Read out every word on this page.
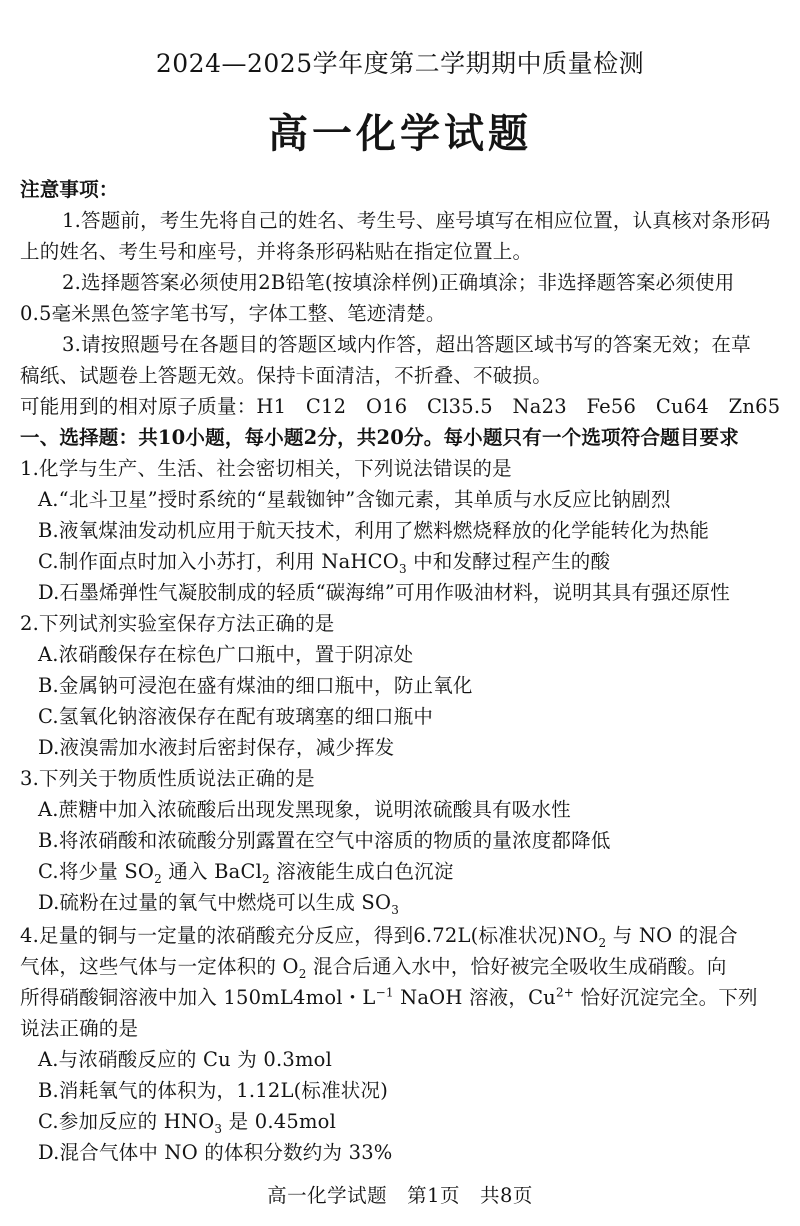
2024—2025学年度第二学期期中质量检测
高一化学试题
注意事项：
1.答题前，考生先将自己的姓名、考生号、座号填写在相应位置，认真核对条形码
上的姓名、考生号和座号，并将条形码粘贴在指定位置上。
2.选择题答案必须使用2B铅笔(按填涂样例)正确填涂；非选择题答案必须使用
0.5毫米黑色签字笔书写，字体工整、笔迹清楚。
3.请按照题号在各题目的答题区域内作答，超出答题区域书写的答案无效；在草
稿纸、试题卷上答题无效。保持卡面清洁，不折叠、不破损。
可能用到的相对原子质量：H1　C12　O16　Cl35.5　Na23　Fe56　Cu64　Zn65
一、选择题：共10小题，每小题2分，共20分。每小题只有一个选项符合题目要求
1.化学与生产、生活、社会密切相关，下列说法错误的是
A.“北斗卫星”授时系统的“星载铷钟”含铷元素，其单质与水反应比钠剧烈
B.液氧煤油发动机应用于航天技术，利用了燃料燃烧释放的化学能转化为热能
C.制作面点时加入小苏打，利用 NaHCO$_3$ 中和发酵过程产生的酸
D.石墨烯弹性气凝胶制成的轻质“碳海绵”可用作吸油材料，说明其具有强还原性
2.下列试剂实验室保存方法正确的是
A.浓硝酸保存在棕色广口瓶中，置于阴凉处
B.金属钠可浸泡在盛有煤油的细口瓶中，防止氧化
C.氢氧化钠溶液保存在配有玻璃塞的细口瓶中
D.液溴需加水液封后密封保存，减少挥发
3.下列关于物质性质说法正确的是
A.蔗糖中加入浓硫酸后出现发黑现象，说明浓硫酸具有吸水性
B.将浓硝酸和浓硫酸分别露置在空气中溶质的物质的量浓度都降低
C.将少量 $SO_2$ 通入 BaCl$_2$ 溶液能生成白色沉淀
D.硫粉在过量的氧气中燃烧可以生成 $SO_3$
4.足量的铜与一定量的浓硝酸充分反应，得到6.72L(标准状况)$NO_2$ 与 NO 的混合
气体，这些气体与一定体积的 $O_2$ 混合后通入水中，恰好被完全吸收生成硝酸。向
所得硝酸铜溶液中加入 150mL4mol・$L^{-1}$ NaOH 溶液，$Cu^{2+}$ 恰好沉淀完全。下列
说法正确的是
A.与浓硝酸反应的 Cu 为 0.3mol
B.消耗氧气的体积为，1.12L(标准状况)
C.参加反应的 $HNO_3$ 是 0.45mol
D.混合气体中 NO 的体积分数约为 33%
高一化学试题　第1页　共8页
